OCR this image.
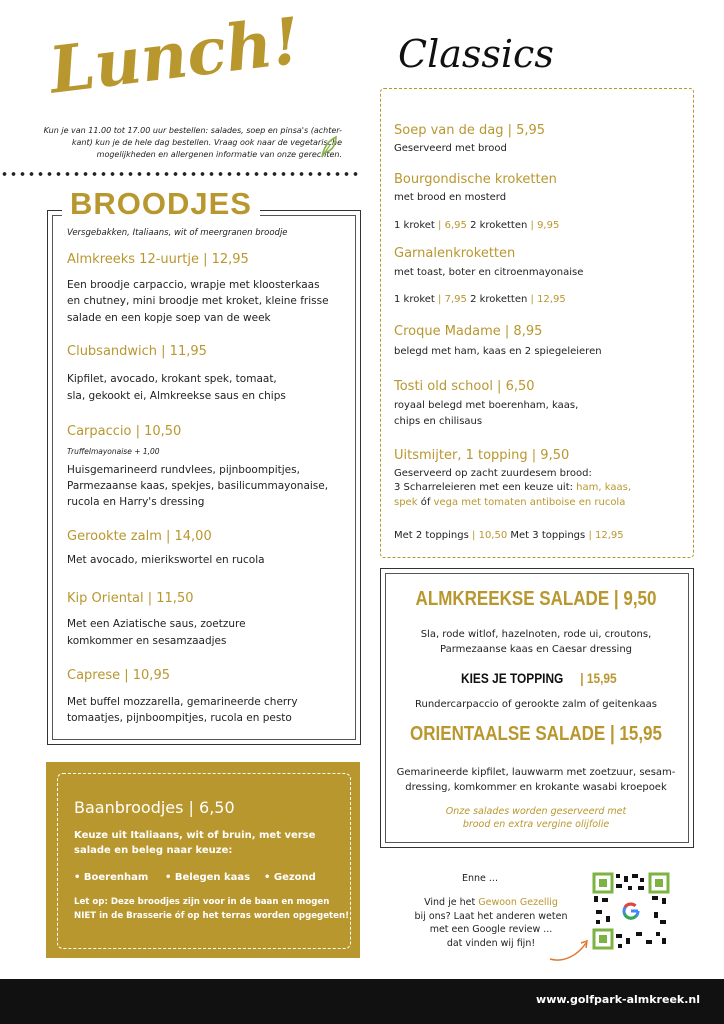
Lunch!
Kun je van 11.00 tot 17.00 uur bestellen: salades, soep en pinsa's (achter-
kant) kun je de hele dag bestellen. Vraag ook naar de vegetarische
mogelijkheden en allergenen informatie van onze gerechten.
BROODJES
Versgebakken, Italiaans, wit of meergranen broodje
Almkreeks 12-uurtje | 12,95
Een broodje carpaccio, wrapje met kloosterkaas
en chutney, mini broodje met kroket, kleine frisse
salade en een kopje soep van de week
Clubsandwich | 11,95
Kipfilet, avocado, krokant spek, tomaat,
sla, gekookt ei, Almkreekse saus en chips
Carpaccio | 10,50
Truffelmayonaise + 1,00
Huisgemarineerd rundvlees, pijnboompitjes,
Parmezaanse kaas, spekjes, basilicummayonaise,
rucola en Harry's dressing
Gerookte zalm | 14,00
Met avocado, mierikswortel en rucola
Kip Oriental | 11,50
Met een Aziatische saus, zoetzure
komkommer en sesamzaadjes
Caprese | 10,95
Met buffel mozzarella, gemarineerde cherry
tomaatjes, pijnboompitjes, rucola en pesto
Baanbroodjes | 6,50
Keuze uit Italiaans, wit of bruin, met verse
salade en beleg naar keuze:
• Boerenham • Belegen kaas • Gezond
Let op: Deze broodjes zijn voor in de baan en mogen
NIET in de Brasserie óf op het terras worden opgegeten!
Classics
Soep van de dag | 5,95
Geserveerd met brood
Bourgondische kroketten
met brood en mosterd
1 kroket | 6,95 2 kroketten | 9,95
Garnalenkroketten
met toast, boter en citroenmayonaise
1 kroket | 7,95 2 kroketten | 12,95
Croque Madame | 8,95
belegd met ham, kaas en 2 spiegeleieren
Tosti old school | 6,50
royaal belegd met boerenham, kaas,
chips en chilisaus
Uitsmijter, 1 topping | 9,50
Geserveerd op zacht zuurdesem brood:
3 Scharreleieren met een keuze uit: ham, kaas,
spek óf vega met tomaten antiboise en rucola
Met 2 toppings | 10,50 Met 3 toppings | 12,95
ALMKREEKSE SALADE | 9,50
Sla, rode witlof, hazelnoten, rode ui, croutons,
Parmezaanse kaas en Caesar dressing
KIES JE TOPPING | 15,95
Rundercarpaccio of gerookte zalm of geitenkaas
ORIENTAALSE SALADE | 15,95
Gemarineerde kipfilet, lauwwarm met zoetzuur, sesam-
dressing, komkommer en krokante wasabi kroepoek
Onze salades worden geserveerd met
brood en extra vergine olijfolie
Enne ...
Vind je het Gewoon Gezellig
bij ons? Laat het anderen weten
met een Google review ...
dat vinden wij fijn!
www.golfpark-almkreek.nl
